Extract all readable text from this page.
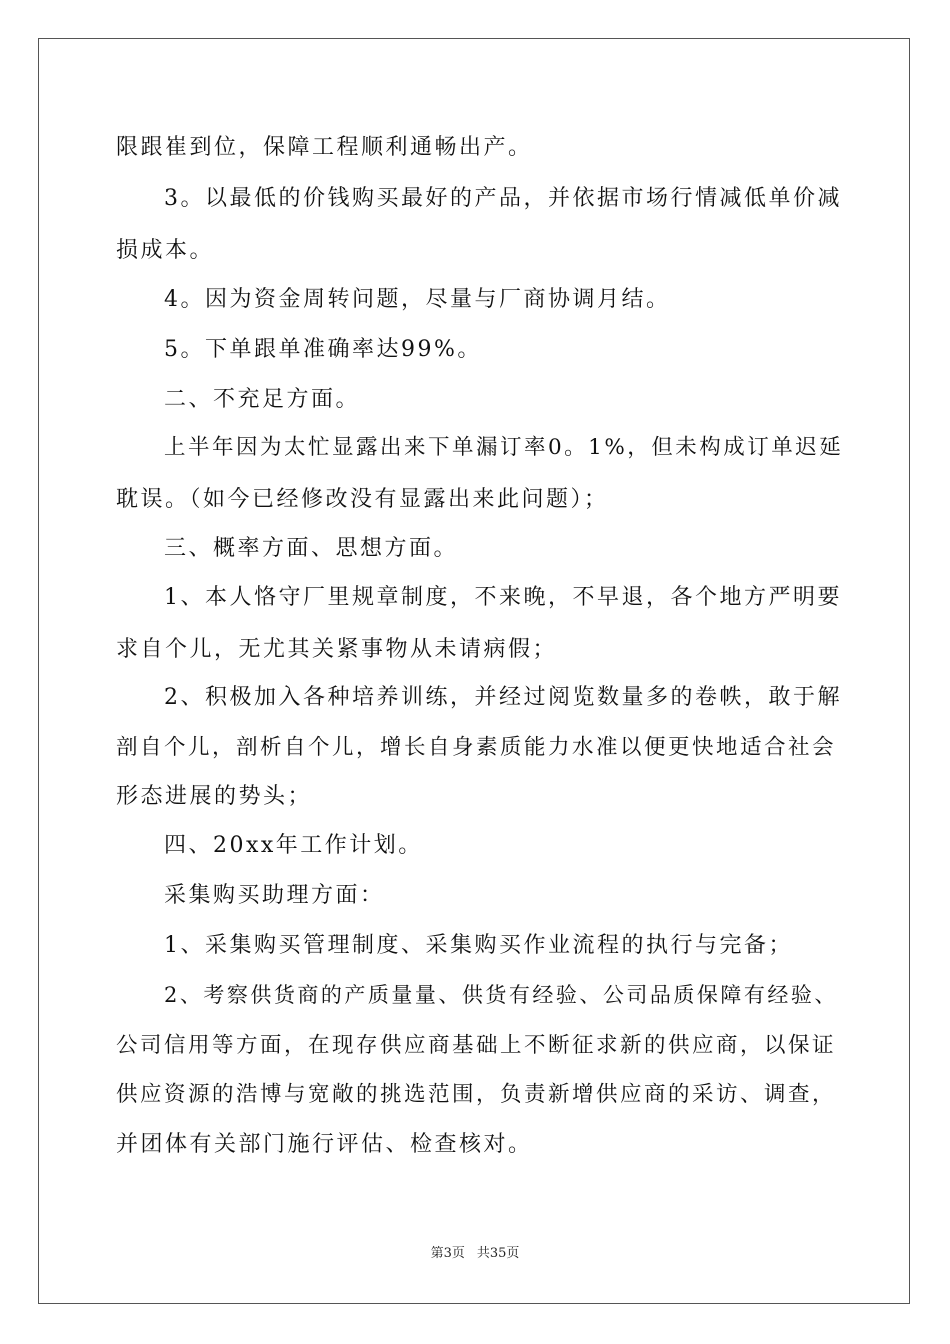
限跟崔到位，保障工程顺利通畅出产。
3。以最低的价钱购买最好的产品，并依据市场行情减低单价减
损成本。
4。因为资金周转问题，尽量与厂商协调月结。
5。下单跟单准确率达99%。
二、不充足方面。
上半年因为太忙显露出来下单漏订率0。1%，但未构成订单迟延
耽误。（如今已经修改没有显露出来此问题）；
三、概率方面、思想方面。
1、本人恪守厂里规章制度，不来晚，不早退，各个地方严明要
求自个儿，无尤其关紧事物从未请病假；
2、积极加入各种培养训练，并经过阅览数量多的卷帙，敢于解
剖自个儿，剖析自个儿，增长自身素质能力水准以便更快地适合社会
形态进展的势头；
四、20xx年工作计划。
采集购买助理方面：
1、采集购买管理制度、采集购买作业流程的执行与完备；
2、考察供货商的产质量量、供货有经验、公司品质保障有经验、
公司信用等方面，在现存供应商基础上不断征求新的供应商，以保证
供应资源的浩博与宽敞的挑选范围，负责新增供应商的采访、调查，
并团体有关部门施行评估、检查核对。
第3页 共35页
